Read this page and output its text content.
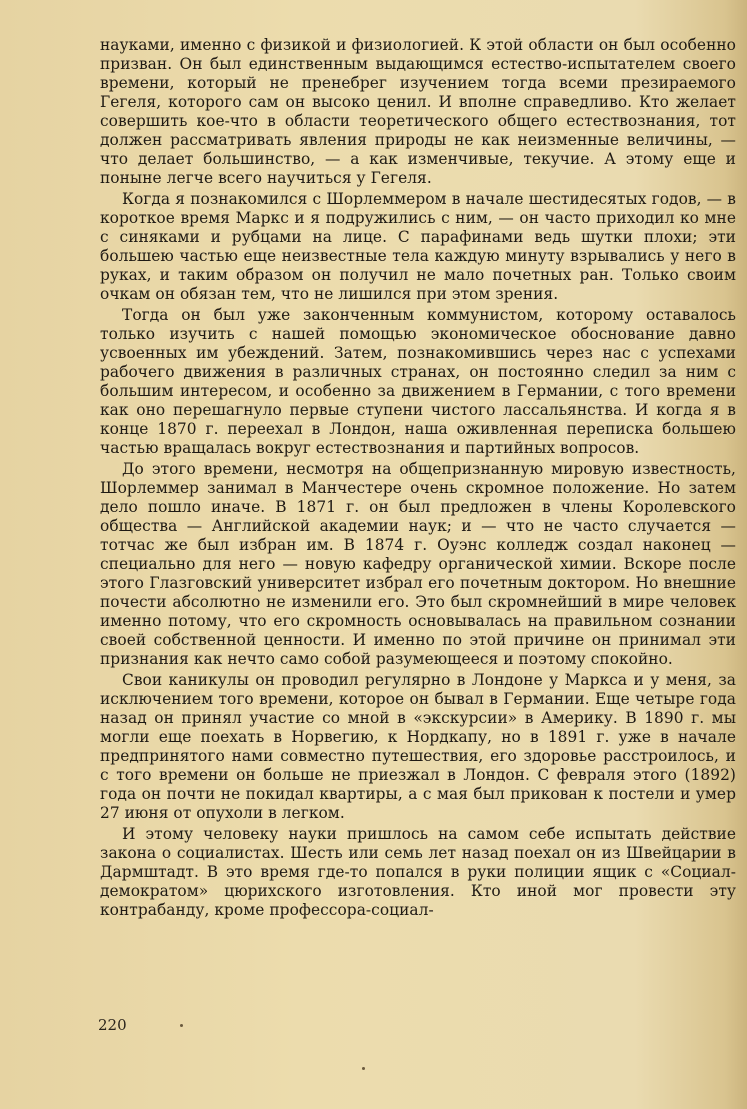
науками, именно с физикой и физиологией. К этой области он был особенно призван. Он был единственным выдающимся естество-испытателем своего времени, который не пренебрег изучением тогда всеми презираемого Гегеля, которого сам он высоко ценил. И вполне справедливо. Кто желает совершить кое-что в области теоретического общего естествознания, тот должен рассматривать явления природы не как неизменные величины, — что делает большинство, — а как изменчивые, текучие. А этому еще и поныне легче всего научиться у Гегеля.

Когда я познакомился с Шорлеммером в начале шестидесятых годов, — в короткое время Маркс и я подружились с ним, — он часто приходил ко мне с синяками и рубцами на лице. С парафинами ведь шутки плохи; эти большею частью еще неизвестные тела каждую минуту взрывались у него в руках, и таким образом он получил не мало почетных ран. Только своим очкам он обязан тем, что не лишился при этом зрения.

Тогда он был уже законченным коммунистом, которому оставалось только изучить с нашей помощью экономическое обоснование давно усвоенных им убеждений. Затем, познакомившись через нас с успехами рабочего движения в различных странах, он постоянно следил за ним с большим интересом, и особенно за движением в Германии, с того времени как оно перешагнуло первые ступени чистого лассальянства. И когда я в конце 1870 г. переехал в Лондон, наша оживленная переписка большею частью вращалась вокруг естествознания и партийных вопросов.

До этого времени, несмотря на общепризнанную мировую известность, Шорлеммер занимал в Манчестере очень скромное положение. Но затем дело пошло иначе. В 1871 г. он был предложен в члены Королевского общества — Английской академии наук; и — что не часто случается — тотчас же был избран им. В 1874 г. Оуэнс колледж создал наконец — специально для него — новую кафедру органической химии. Вскоре после этого Глазговский университет избрал его почетным доктором. Но внешние почести абсолютно не изменили его. Это был скромнейший в мире человек именно потому, что его скромность основывалась на правильном сознании своей собственной ценности. И именно по этой причине он принимал эти признания как нечто само собой разумеющееся и поэтому спокойно.

Свои каникулы он проводил регулярно в Лондоне у Маркса и у меня, за исключением того времени, которое он бывал в Германии. Еще четыре года назад он принял участие со мной в «экскурсии» в Америку. В 1890 г. мы могли еще поехать в Норвегию, к Нордкапу, но в 1891 г. уже в начале предпринятого нами совместно путешествия, его здоровье расстроилось, и с того времени он больше не приезжал в Лондон. С февраля этого (1892) года он почти не покидал квартиры, а с мая был прикован к постели и умер 27 июня от опухоли в легком.

И этому человеку науки пришлось на самом себе испытать действие закона о социалистах. Шесть или семь лет назад поехал он из Швейцарии в Дармштадт. В это время где-то попался в руки полиции ящик с «Социал-демократом» цюрихского изготовления. Кто иной мог провести эту контрабанду, кроме профессора-социал-

220
